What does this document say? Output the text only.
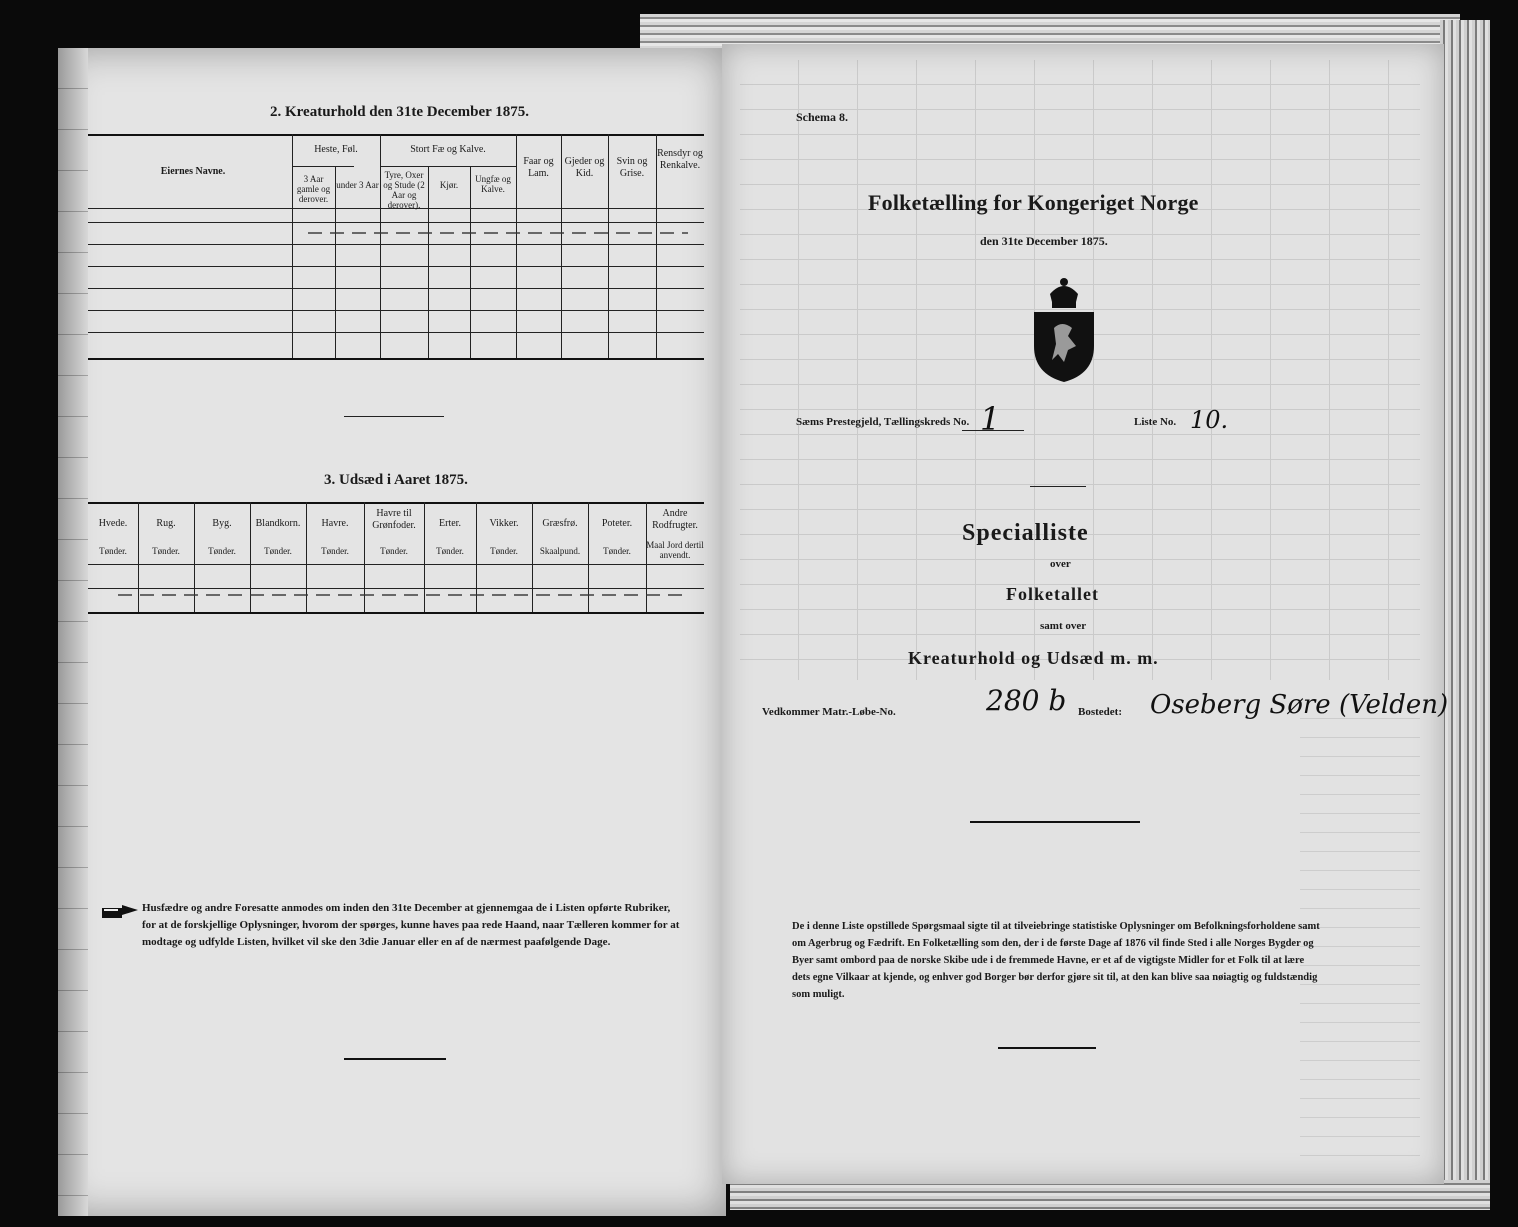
2. Kreaturhold den 31te December 1875.
Eiernes Navne.
Heste, Føl.
3 Aar gamle og derover.
under 3 Aar
Stort Fæ og Kalve.
Tyre, Oxer og Stude (2 Aar og derover).
Kjør.
Ungfæ og Kalve.
Faar og Lam.
Gjeder og Kid.
Svin og Grise.
Rensdyr og Renkalve.
3. Udsæd i Aaret 1875.
Hvede.
Tønder.
Rug.
Tønder.
Byg.
Tønder.
Blandkorn.
Tønder.
Havre.
Tønder.
Havre til Grønfoder.
Tønder.
Erter.
Tønder.
Vikker.
Tønder.
Græsfrø.
Skaalpund.
Poteter.
Tønder.
Andre Rodfrugter.
Maal Jord dertil anvendt.
Husfædre og andre Foresatte anmodes om inden den 31te December at gjennemgaa de i Listen opførte Rubriker, for at de forskjellige Oplysninger, hvorom der spørges, kunne haves paa rede Haand, naar Tælleren kommer for at modtage og udfylde Listen, hvilket vil ske den 3die Januar eller en af de nærmest paafølgende Dage.
Schema 8.
Folketælling for Kongeriget Norge
den 31te December 1875.
Sæms Prestegjeld, Tællingskreds No. 1	Liste No. 10.
Specialliste
over
Folketallet
samt over
Kreaturhold og Udsæd m. m.
Vedkommer Matr.-Løbe-No.	280 b Bostedet: Oseberg Søre (Velden)
De i denne Liste opstillede Spørgsmaal sigte til at tilveiebringe statistiske Oplysninger om Befolkningsforholdene samt om Agerbrug og Fædrift. En Folketælling som den, der i de første Dage af 1876 vil finde Sted i alle Norges Bygder og Byer samt ombord paa de norske Skibe ude i de fremmede Havne, er et af de vigtigste Midler for et Folk til at lære dets egne Vilkaar at kjende, og enhver god Borger bør derfor gjøre sit til, at den kan blive saa nøiagtig og fuldstændig som muligt.
